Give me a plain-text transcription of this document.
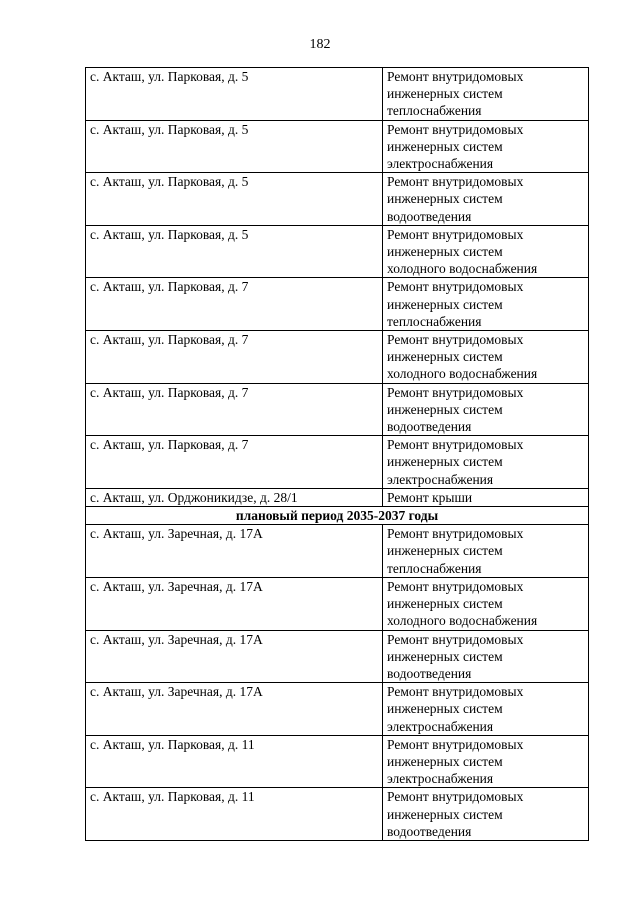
182
с. Акташ, ул. Парковая, д. 5	Ремонт внутридомовых
инженерных систем
теплоснабжения

с. Акташ, ул. Парковая, д. 5	Ремонт внутридомовых
инженерных систем
электроснабжения

с. Акташ, ул. Парковая, д. 5	Ремонт внутридомовых
инженерных систем
водоотведения

с. Акташ, ул. Парковая, д. 5	Ремонт внутридомовых
инженерных систем
холодного водоснабжения

с. Акташ, ул. Парковая, д. 7	Ремонт внутридомовых
инженерных систем
теплоснабжения

с. Акташ, ул. Парковая, д. 7	Ремонт внутридомовых
инженерных систем
холодного водоснабжения

с. Акташ, ул. Парковая, д. 7	Ремонт внутридомовых
инженерных систем
водоотведения

с. Акташ, ул. Парковая, д. 7	Ремонт внутридомовых
инженерных систем
электроснабжения

с. Акташ, ул. Орджоникидзе, д. 28/1	Ремонт крыши

плановый период 2035-2037 годы	
с. Акташ, ул. Заречная, д. 17А	Ремонт внутридомовых
инженерных систем
теплоснабжения

с. Акташ, ул. Заречная, д. 17А	Ремонт внутридомовых
инженерных систем
холодного водоснабжения

с. Акташ, ул. Заречная, д. 17А	Ремонт внутридомовых
инженерных систем
водоотведения

с. Акташ, ул. Заречная, д. 17А	Ремонт внутридомовых
инженерных систем
электроснабжения

с. Акташ, ул. Парковая, д. 11	Ремонт внутридомовых
инженерных систем
электроснабжения

с. Акташ, ул. Парковая, д. 11	Ремонт внутридомовых
инженерных систем
водоотведения
